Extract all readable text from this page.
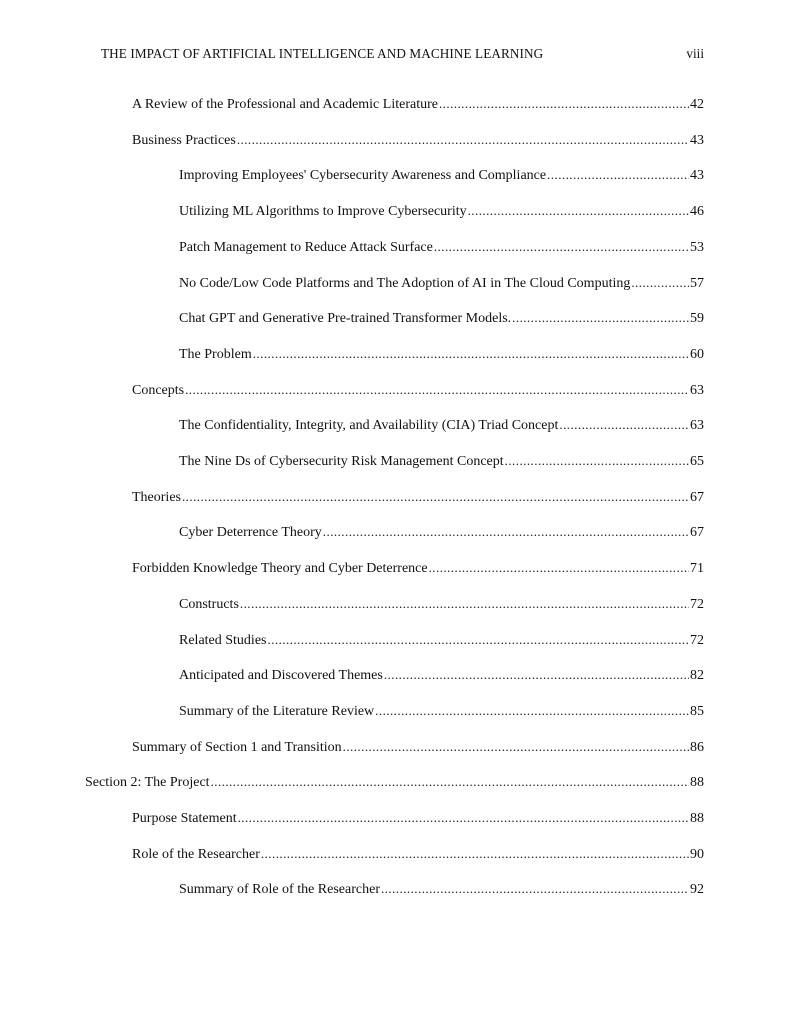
THE IMPACT OF ARTIFICIAL INTELLIGENCE AND MACHINE LEARNING	viii
A Review of the Professional and Academic Literature .....	42
Business Practices .....	43
Improving Employees' Cybersecurity Awareness and Compliance .....	43
Utilizing ML Algorithms to Improve Cybersecurity .....	46
Patch Management to Reduce Attack Surface .....	53
No Code/Low Code Platforms and The Adoption of AI in The Cloud Computing .....	57
Chat GPT and Generative Pre-trained Transformer Models. .....	59
The Problem .....	60
Concepts .....	63
The Confidentiality, Integrity, and Availability (CIA) Triad Concept .....	63
The Nine Ds of Cybersecurity Risk Management Concept .....	65
Theories .....	67
Cyber Deterrence Theory .....	67
Forbidden Knowledge Theory and Cyber Deterrence .....	71
Constructs .....	72
Related Studies .....	72
Anticipated and Discovered Themes .....	82
Summary of the Literature Review .....	85
Summary of Section 1 and Transition .....	86
Section 2: The Project .....	88
Purpose Statement .....	88
Role of the Researcher .....	90
Summary of Role of the Researcher .....	92
